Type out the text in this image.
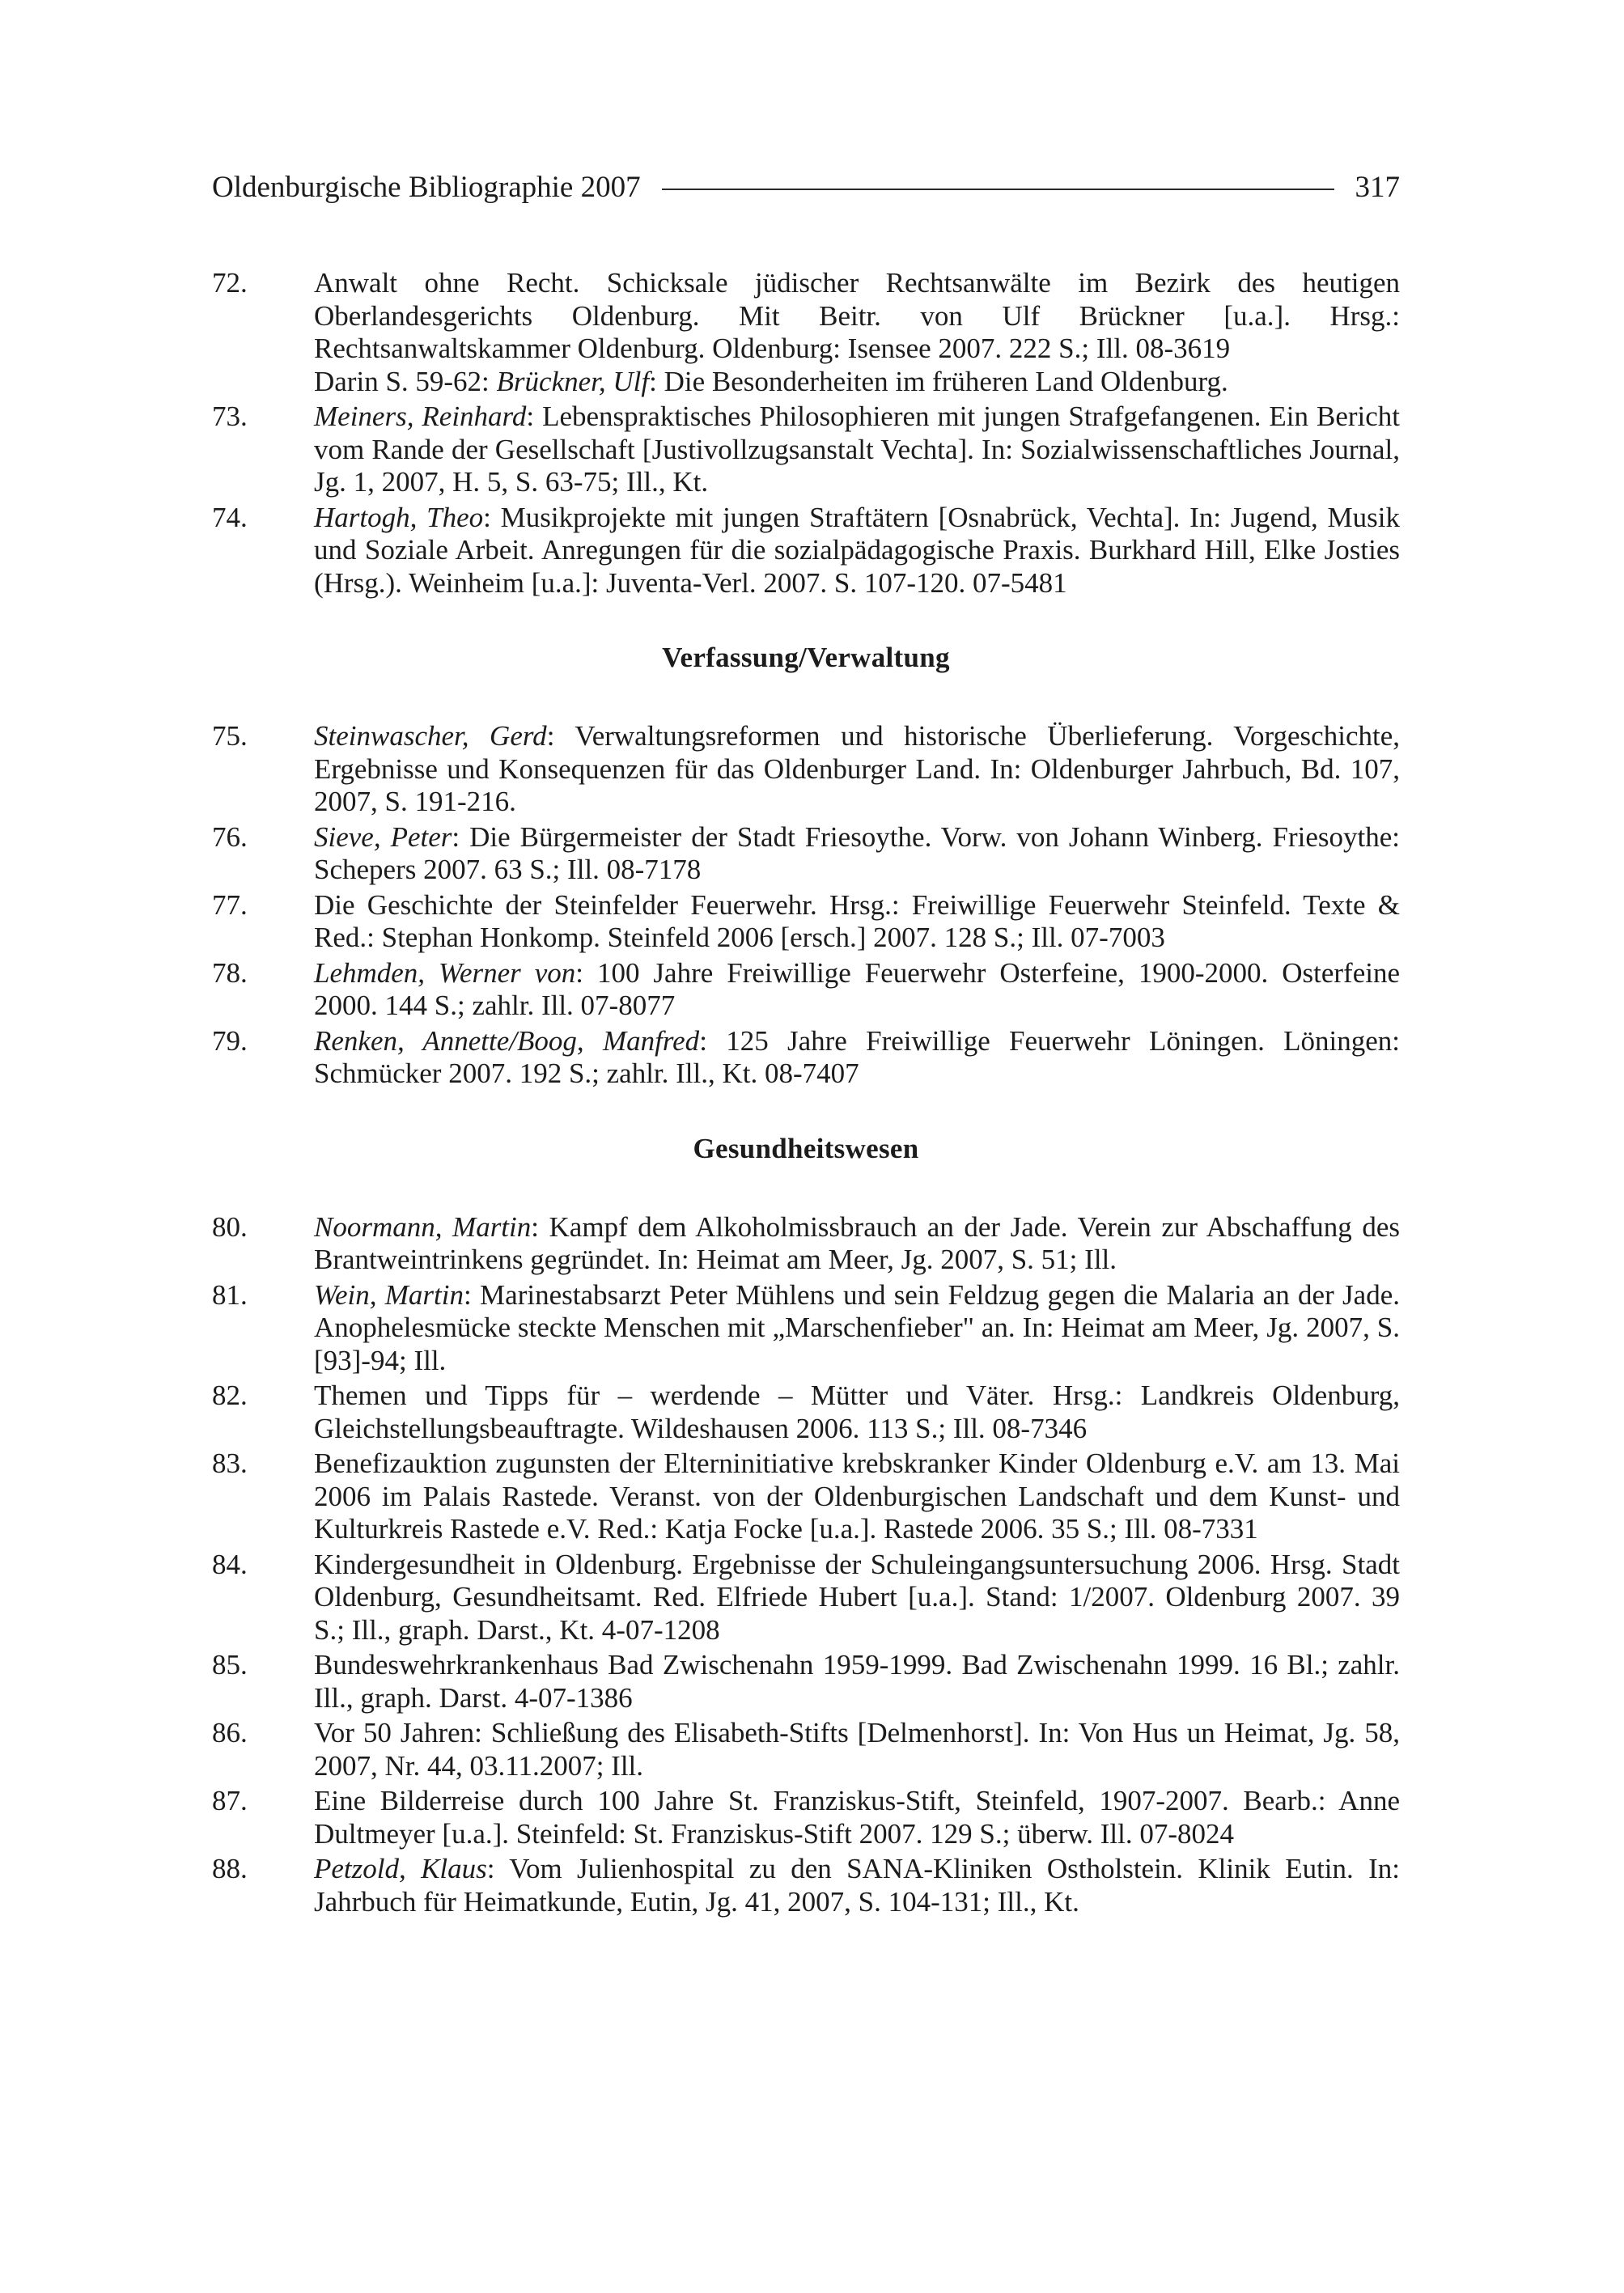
Oldenburgische Bibliographie 2007	317
72.	Anwalt ohne Recht. Schicksale jüdischer Rechtsanwälte im Bezirk des heutigen Oberlandesgerichts Oldenburg. Mit Beitr. von Ulf Brückner [u.a.]. Hrsg.: Rechtsanwaltskammer Oldenburg. Oldenburg: Isensee 2007. 222 S.; Ill. 08-3619

Darin S. 59-62: Brückner, Ulf: Die Besonderheiten im früheren Land Oldenburg.

73.	Meiners, Reinhard: Lebenspraktisches Philosophieren mit jungen Strafgefangenen. Ein Bericht vom Rande der Gesellschaft [Justivollzugsanstalt Vechta]. In: Sozialwissenschaftliches Journal, Jg. 1, 2007, H. 5, S. 63-75; Ill., Kt.

74.	Hartogh, Theo: Musikprojekte mit jungen Straftätern [Osnabrück, Vechta]. In: Jugend, Musik und Soziale Arbeit. Anregungen für die sozialpädagogische Praxis. Burkhard Hill, Elke Josties (Hrsg.). Weinheim [u.a.]: Juventa-Verl. 2007. S. 107-120. 07-5481

Verfassung/Verwaltung
75.	Steinwascher, Gerd: Verwaltungsreformen und historische Überlieferung. Vorgeschichte, Ergebnisse und Konsequenzen für das Oldenburger Land. In: Oldenburger Jahrbuch, Bd. 107, 2007, S. 191-216.

76.	Sieve, Peter: Die Bürgermeister der Stadt Friesoythe. Vorw. von Johann Winberg. Friesoythe: Schepers 2007. 63 S.; Ill. 08-7178

77.	Die Geschichte der Steinfelder Feuerwehr. Hrsg.: Freiwillige Feuerwehr Steinfeld. Texte & Red.: Stephan Honkomp. Steinfeld 2006 [ersch.] 2007. 128 S.; Ill. 07-7003

78.	Lehmden, Werner von: 100 Jahre Freiwillige Feuerwehr Osterfeine, 1900-2000. Osterfeine 2000. 144 S.; zahlr. Ill. 07-8077

79.	Renken, Annette/Boog, Manfred: 125 Jahre Freiwillige Feuerwehr Löningen. Löningen: Schmücker 2007. 192 S.; zahlr. Ill., Kt. 08-7407

Gesundheitswesen
80.	Noormann, Martin: Kampf dem Alkoholmissbrauch an der Jade. Verein zur Abschaffung des Brantweintrinkens gegründet. In: Heimat am Meer, Jg. 2007, S. 51; Ill.

81.	Wein, Martin: Marinestabsarzt Peter Mühlens und sein Feldzug gegen die Malaria an der Jade. Anophelesmücke steckte Menschen mit „Marschenfieber" an. In: Heimat am Meer, Jg. 2007, S. [93]-94; Ill.

82.	Themen und Tipps für – werdende – Mütter und Väter. Hrsg.: Landkreis Oldenburg, Gleichstellungsbeauftragte. Wildeshausen 2006. 113 S.; Ill. 08-7346

83.	Benefizauktion zugunsten der Elterninitiative krebskranker Kinder Oldenburg e.V. am 13. Mai 2006 im Palais Rastede. Veranst. von der Oldenburgischen Landschaft und dem Kunst- und Kulturkreis Rastede e.V. Red.: Katja Focke [u.a.]. Rastede 2006. 35 S.; Ill. 08-7331

84.	Kindergesundheit in Oldenburg. Ergebnisse der Schuleingangsuntersuchung 2006. Hrsg. Stadt Oldenburg, Gesundheitsamt. Red. Elfriede Hubert [u.a.]. Stand: 1/2007. Oldenburg 2007. 39 S.; Ill., graph. Darst., Kt. 4-07-1208

85.	Bundeswehrkrankenhaus Bad Zwischenahn 1959-1999. Bad Zwischenahn 1999. 16 Bl.; zahlr. Ill., graph. Darst. 4-07-1386

86.	Vor 50 Jahren: Schließung des Elisabeth-Stifts [Delmenhorst]. In: Von Hus un Heimat, Jg. 58, 2007, Nr. 44, 03.11.2007; Ill.

87.	Eine Bilderreise durch 100 Jahre St. Franziskus-Stift, Steinfeld, 1907-2007. Bearb.: Anne Dultmeyer [u.a.]. Steinfeld: St. Franziskus-Stift 2007. 129 S.; überw. Ill. 07-8024

88.	Petzold, Klaus: Vom Julienhospital zu den SANA-Kliniken Ostholstein. Klinik Eutin. In: Jahrbuch für Heimatkunde, Eutin, Jg. 41, 2007, S. 104-131; Ill., Kt.
